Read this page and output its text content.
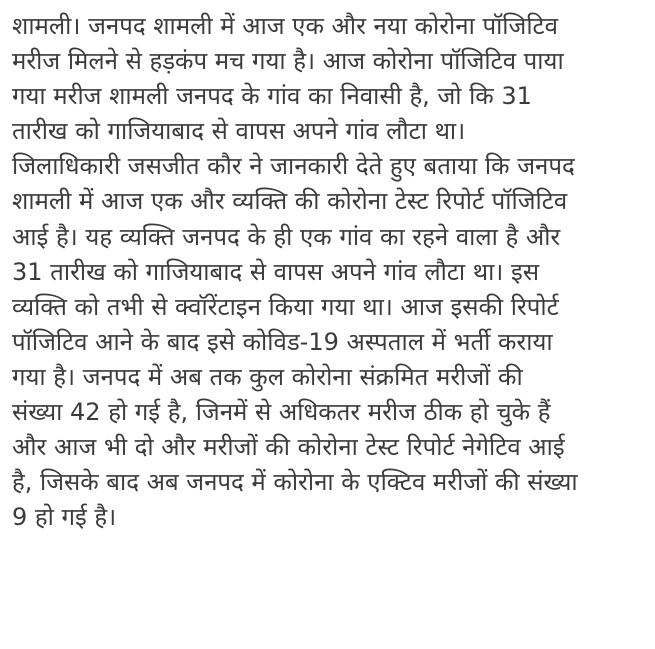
शामली। जनपद शामली में आज एक और नया कोरोना पॉजिटिव
मरीज मिलने से हड़कंप मच गया है। आज कोरोना पॉजिटिव पाया
गया मरीज शामली जनपद के गांव का निवासी है, जो कि 31
तारीख को गाजियाबाद से वापस अपने गांव लौटा था।
जिलाधिकारी जसजीत कौर ने जानकारी देते हुए बताया कि जनपद
शामली में आज एक और व्यक्ति की कोरोना टेस्ट रिपोर्ट पॉजिटिव
आई है। यह व्यक्ति जनपद के ही एक गांव का रहने वाला है और
31 तारीख को गाजियाबाद से वापस अपने गांव लौटा था। इस
व्यक्ति को तभी से क्वॉरेंटाइन किया गया था। आज इसकी रिपोर्ट
पॉजिटिव आने के बाद इसे कोविड-19 अस्पताल में भर्ती कराया
गया है। जनपद में अब तक कुल कोरोना संक्रमित मरीजों की
संख्या 42 हो गई है, जिनमें से अधिकतर मरीज ठीक हो चुके हैं
और आज भी दो और मरीजों की कोरोना टेस्ट रिपोर्ट नेगेटिव आई
है, जिसके बाद अब जनपद में कोरोना के एक्टिव मरीजों की संख्या
9 हो गई है।
